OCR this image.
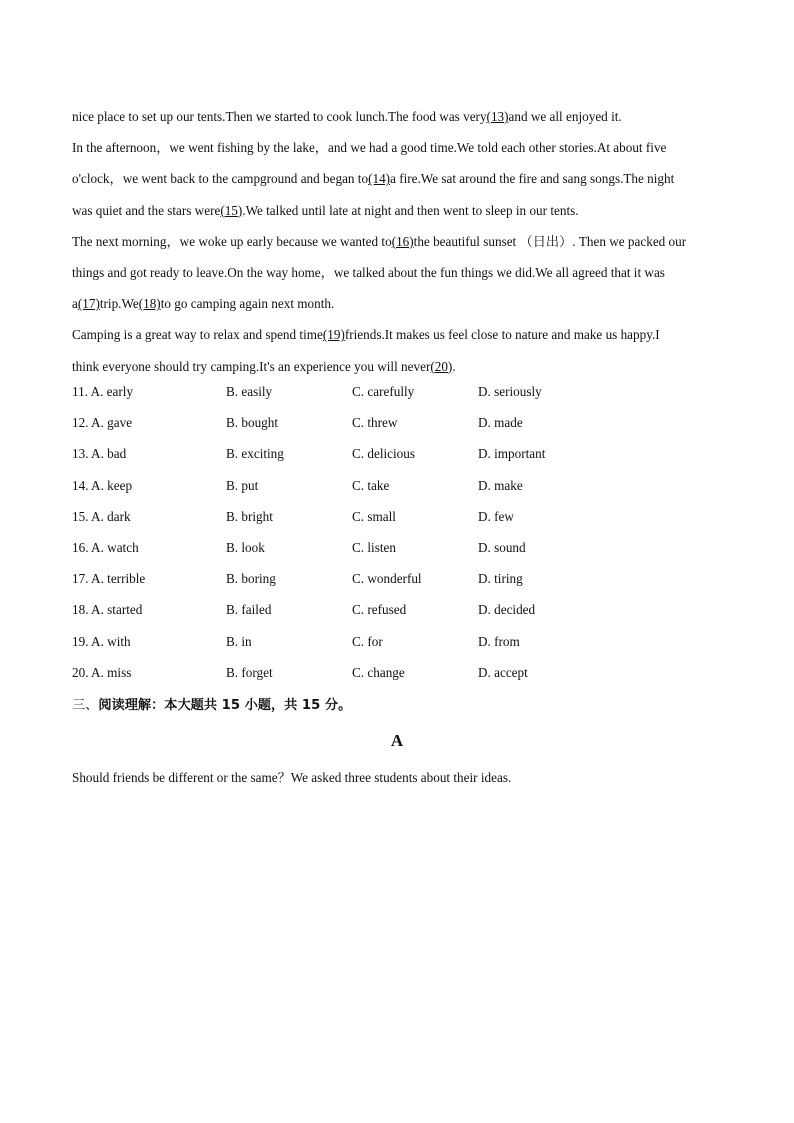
nice place to set up our tents.Then we started to cook lunch.The food was very(13)and we all enjoyed it.

In the afternoon，we went fishing by the lake，and we had a good time.We told each other stories.At about five

o'clock，we went back to the campground and began to(14)a fire.We sat around the fire and sang songs.The night

was quiet and the stars were(15).We talked until late at night and then went to sleep in our tents.

The next morning，we woke up early because we wanted to(16)the beautiful sunset （日出）. Then we packed our

things and got ready to leave.On the way home，we talked about the fun things we did.We all agreed that it was

a(17)trip.We(18)to go camping again next month.

Camping is a great way to relax and spend time(19)friends.It makes us feel close to nature and make us happy.I

think everyone should try camping.It's an experience you will never(20).

11. A. early	B. easily	C. carefully	D. seriously
12. A. gave	B. bought	C. threw	D. made
13. A. bad	B. exciting	C. delicious	D. important
14. A. keep	B. put	C. take	D. make
15. A. dark	B. bright	C. small	D. few
16. A. watch	B. look	C. listen	D. sound
17. A. terrible	B. boring	C. wonderful	D. tiring
18. A. started	B. failed	C. refused	D. decided
19. A. with	B. in	C. for	D. from
20. A. miss	B. forget	C. change	D. accept
三、阅读理解：本大题共 15 小题，共 15 分。
A
Should friends be different or the same？We asked three students about their ideas.
